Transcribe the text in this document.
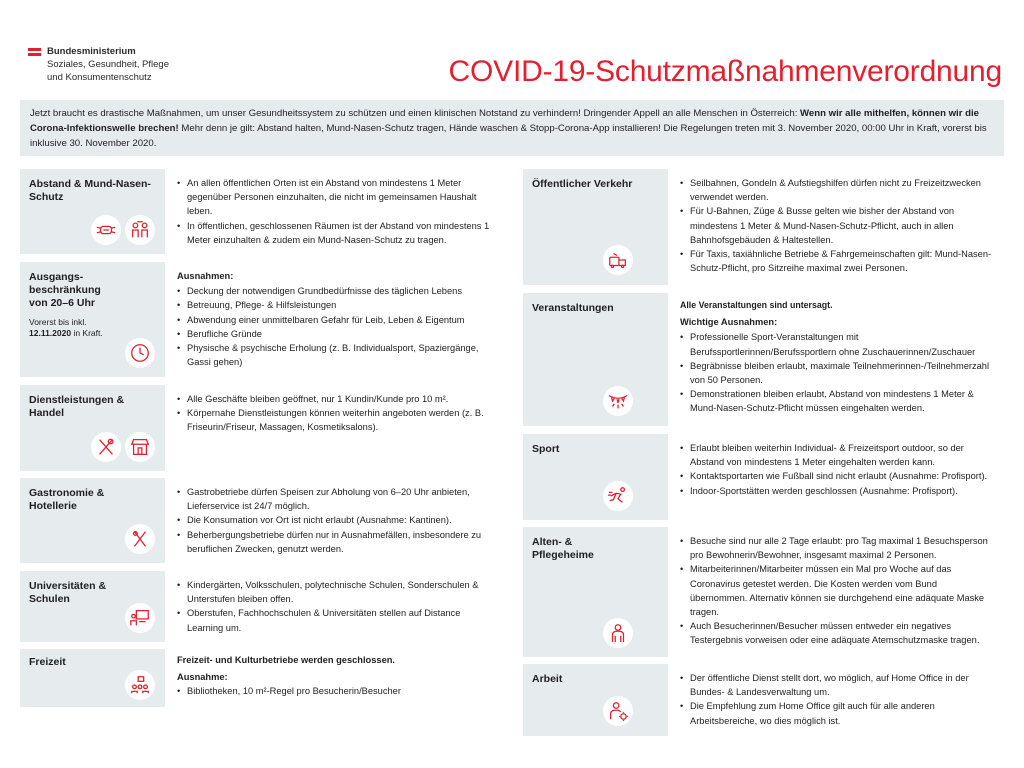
Bundesministerium
Soziales, Gesundheit, Pflege
und Konsumentenschutz	COVID-19-Schutzmaßnahmenverordnung
Jetzt braucht es drastische Maßnahmen, um unser Gesundheitssystem zu schützen und einen klinischen Notstand zu verhindern! Dringender Appell an alle Menschen in Österreich: Wenn wir alle mithelfen, können wir die Corona-Infektionswelle brechen! Mehr denn je gilt: Abstand halten, Mund-Nasen-Schutz tragen, Hände waschen & Stopp-Corona-App installieren! Die Regelungen treten mit 3. November 2020, 00:00 Uhr in Kraft, vorerst bis inklusive 30. November 2020.
Abstand & Mund-Nasen-Schutz
• An allen öffentlichen Orten ist ein Abstand von mindestens 1 Meter gegenüber Personen einzuhalten, die nicht im gemeinsamen Haushalt leben.
• In öffentlichen, geschlossenen Räumen ist der Abstand von mindestens 1 Meter einzuhalten & zudem ein Mund-Nasen-Schutz zu tragen.
Ausgangs-beschränkung von 20–6 Uhr
Vorerst bis inkl.
12.11.2020 in Kraft.
Ausnahmen:
• Deckung der notwendigen Grundbedürfnisse des täglichen Lebens
• Betreuung, Pflege- & Hilfsleistungen
• Abwendung einer unmittelbaren Gefahr für Leib, Leben & Eigentum
• Berufliche Gründe
• Physische & psychische Erholung (z. B. Individualsport, Spaziergänge, Gassi gehen)
Dienstleistungen & Handel
• Alle Geschäfte bleiben geöffnet, nur 1 Kundin/Kunde pro 10 m².
• Körpernahe Dienstleistungen können weiterhin angeboten werden (z. B. Friseurin/Friseur, Massagen, Kosmetiksalons).
Gastronomie & Hotellerie
• Gastrobetriebe dürfen Speisen zur Abholung von 6–20 Uhr anbieten, Lieferservice ist 24/7 möglich.
• Die Konsumation vor Ort ist nicht erlaubt (Ausnahme: Kantinen).
• Beherbergungsbetriebe dürfen nur in Ausnahmefällen, insbesondere zu beruflichen Zwecken, genutzt werden.
Universitäten & Schulen
• Kindergärten, Volksschulen, polytechnische Schulen, Sonderschulen & Unterstufen bleiben offen.
• Oberstufen, Fachhochschulen & Universitäten stellen auf Distance Learning um.
Freizeit	Freizeit- und Kulturbetriebe werden geschlossen.
Ausnahme:
• Bibliotheken, 10 m²-Regel pro Besucherin/Besucher
Öffentlicher Verkehr	• Seilbahnen, Gondeln & Aufstiegshilfen dürfen nicht zu Freizeitzwecken verwendet werden.
• Für U-Bahnen, Züge & Busse gelten wie bisher der Abstand von mindestens 1 Meter & Mund-Nasen-Schutz-Pflicht, auch in allen Bahnhofsgebäuden & Haltestellen.
• Für Taxis, taxiähnliche Betriebe & Fahrgemeinschaften gilt: Mund-Nasen-Schutz-Pflicht, pro Sitzreihe maximal zwei Personen.
Veranstaltungen	Alle Veranstaltungen sind untersagt.
Wichtige Ausnahmen:
• Professionelle Sport-Veranstaltungen mit Berufssportlerinnen/Berufssportlern ohne Zuschauerinnen/Zuschauer
• Begräbnisse bleiben erlaubt, maximale Teilnehmerinnen-/Teilnehmerzahl von 50 Personen.
• Demonstrationen bleiben erlaubt, Abstand von mindestens 1 Meter & Mund-Nasen-Schutz-Pflicht müssen eingehalten werden.
Sport	• Erlaubt bleiben weiterhin Individual- & Freizeitsport outdoor, so der Abstand von mindestens 1 Meter eingehalten werden kann.
• Kontaktsportarten wie Fußball sind nicht erlaubt (Ausnahme: Profisport).
• Indoor-Sportstätten werden geschlossen (Ausnahme: Profisport).
Alten- & Pflegeheime
• Besuche sind nur alle 2 Tage erlaubt: pro Tag maximal 1 Besuchsperson pro Bewohnerin/Bewohner, insgesamt maximal 2 Personen.
• Mitarbeiterinnen/Mitarbeiter müssen ein Mal pro Woche auf das Coronavirus getestet werden. Die Kosten werden vom Bund übernommen. Alternativ können sie durchgehend eine adäquate Maske tragen.
• Auch Besucherinnen/Besucher müssen entweder ein negatives Testergebnis vorweisen oder eine adäquate Atemschutzmaske tragen.
Arbeit	• Der öffentliche Dienst stellt dort, wo möglich, auf Home Office in der Bundes- & Landesverwaltung um.
• Die Empfehlung zum Home Office gilt auch für alle anderen Arbeitsbereiche, wo dies möglich ist.
